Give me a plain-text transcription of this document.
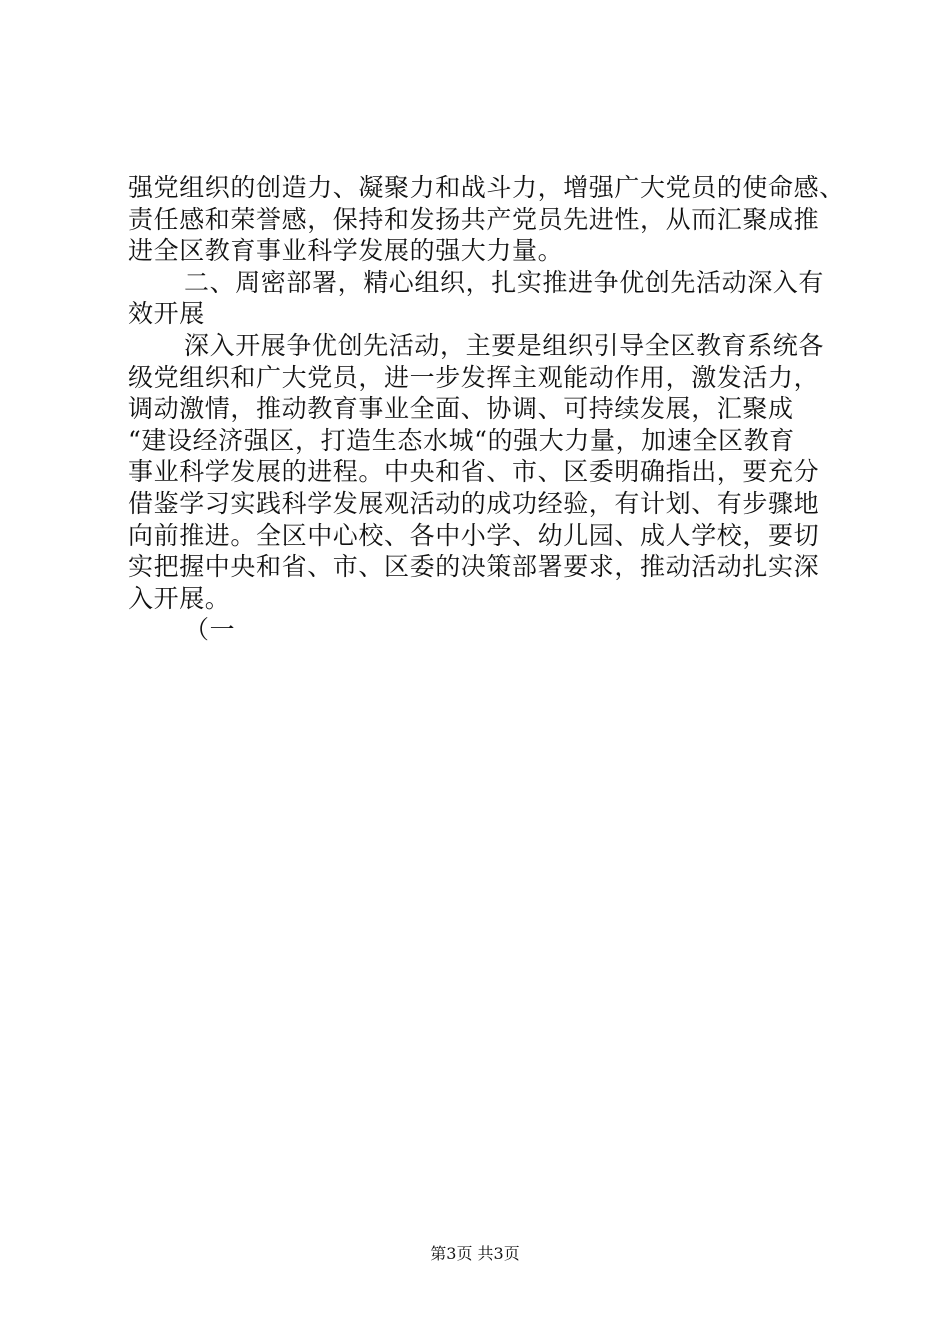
强党组织的创造力、凝聚力和战斗力，增强广大党员的使命感、
责任感和荣誉感，保持和发扬共产党员先进性，从而汇聚成推
进全区教育事业科学发展的强大力量。
二、周密部署，精心组织，扎实推进争优创先活动深入有
效开展
深入开展争优创先活动，主要是组织引导全区教育系统各
级党组织和广大党员，进一步发挥主观能动作用，激发活力，
调动激情，推动教育事业全面、协调、可持续发展，汇聚成
“建设经济强区，打造生态水城“的强大力量，加速全区教育
事业科学发展的进程。中央和省、市、区委明确指出，要充分
借鉴学习实践科学发展观活动的成功经验，有计划、有步骤地
向前推进。全区中心校、各中小学、幼儿园、成人学校，要切
实把握中央和省、市、区委的决策部署要求，推动活动扎实深
入开展。
（一
第3页 共3页
